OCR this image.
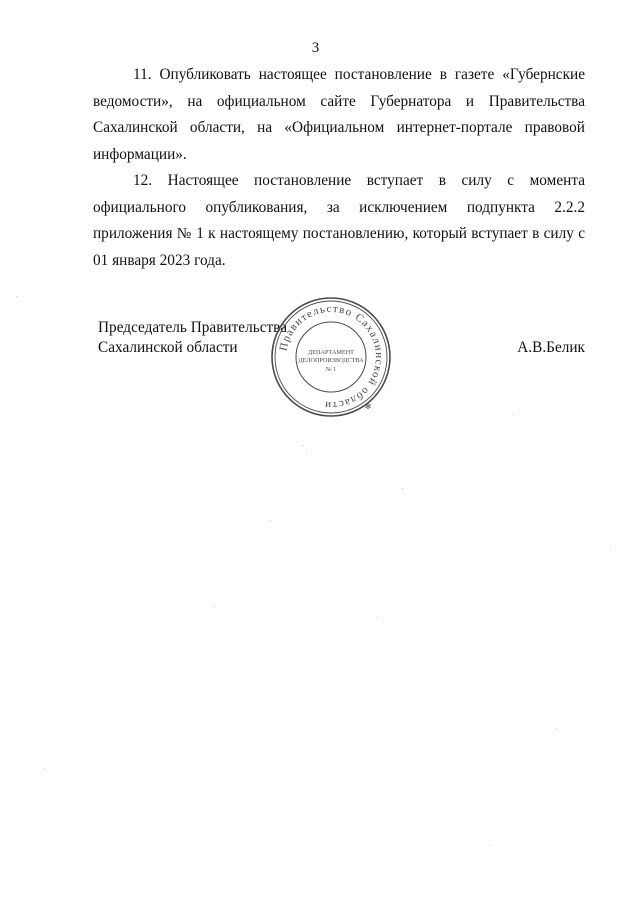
3

11. Опубликовать настоящее постановление в газете «Губернские ведомости», на официальном сайте Губернатора и Правительства Сахалинской области, на «Официальном интернет-портале правовой информации».

12. Настоящее постановление вступает в силу с момента официального опубликования, за исключением подпункта 2.2.2 приложения № 1 к настоящему постановлению, который вступает в силу с 01 января 2023 года.

Председатель Правительства
Сахалинской области	А.В.Белик
Правительство Сахалинской области
ДЕПАРТАМЕНТ
ДЕЛОПРОИЗВОДСТВА
№ 1
✻
